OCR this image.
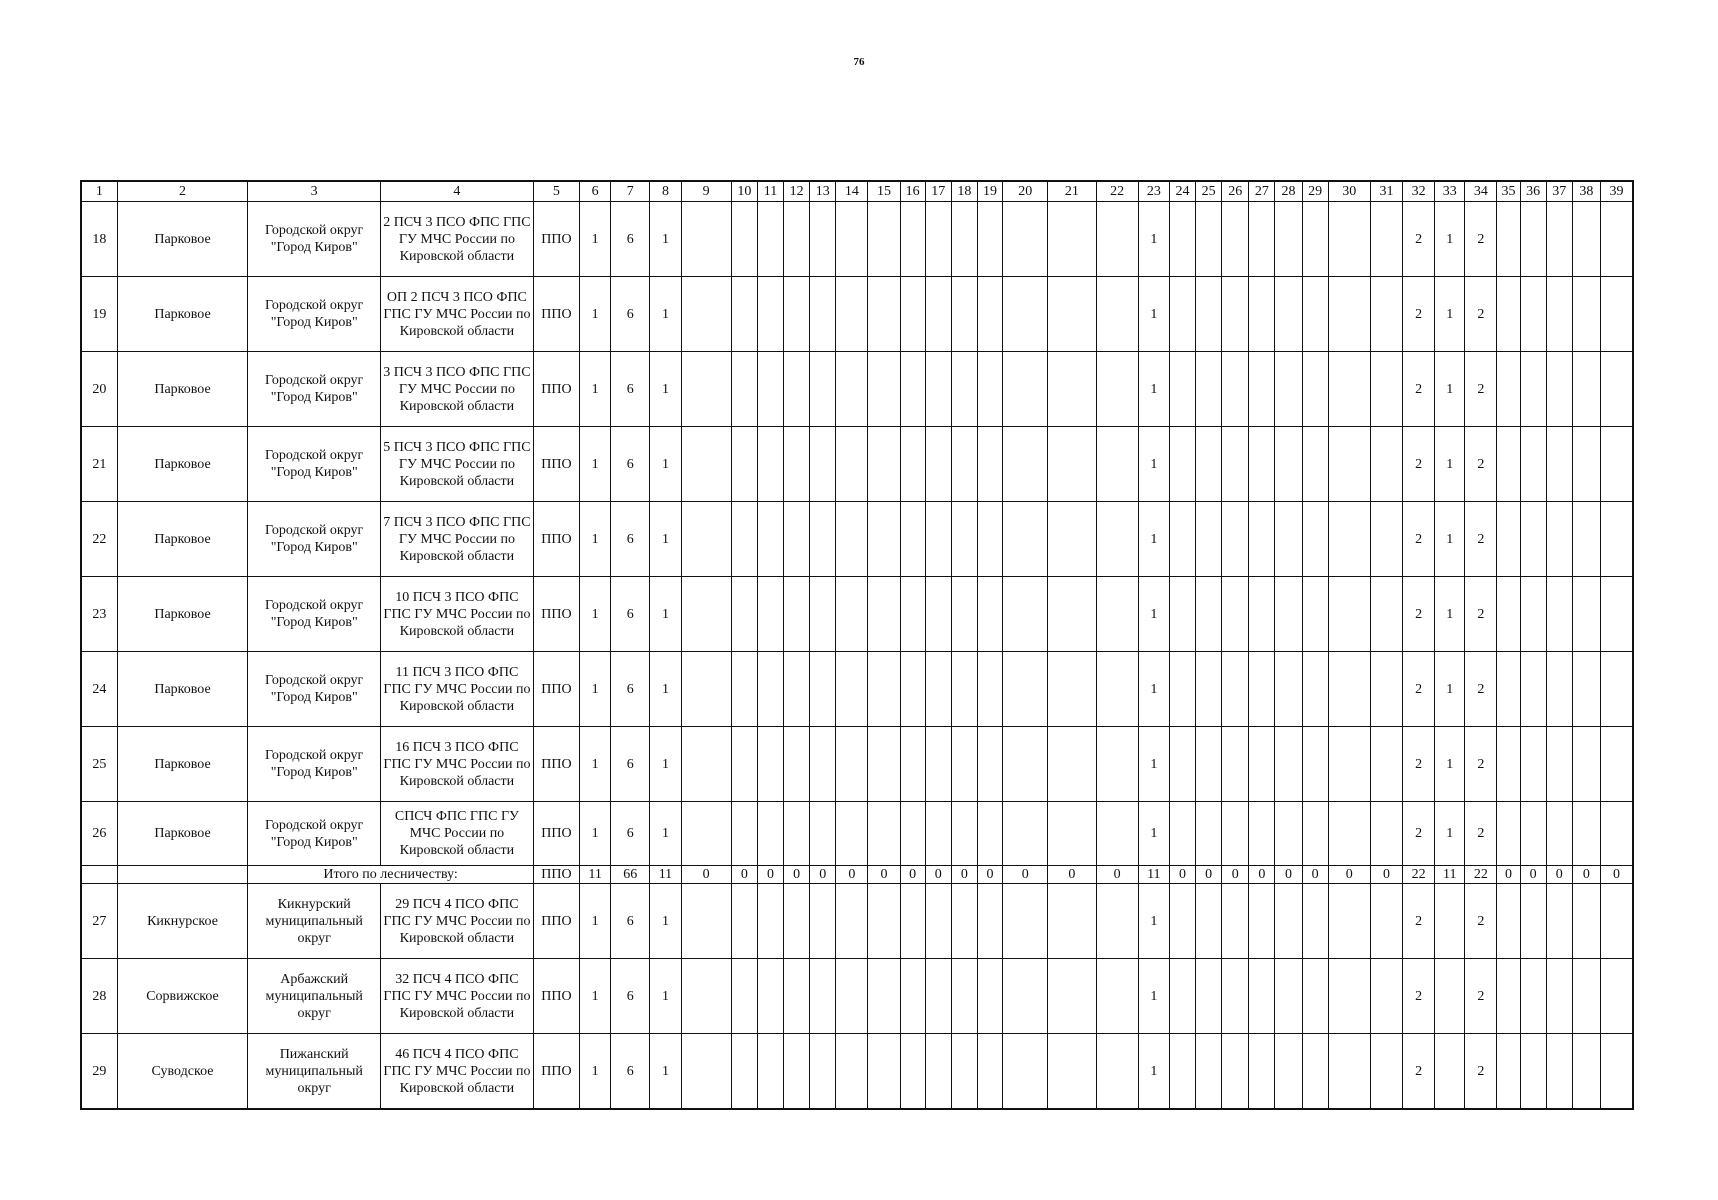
76
1	2	3	4	5	6	7	8	9	10	11	12	13	14	15	16	17	18	19	20	21	22	23	24	25	26	27	28	29	30	31	32	33	34	35	36	37	38	39
18	Парковое	Городской округ "Город Киров"	2 ПСЧ 3 ПСО ФПС ГПС ГУ МЧС России по Кировской области	ППО	1	6	1															1									2	1	2					
19	Парковое	Городской округ "Город Киров"	ОП 2 ПСЧ 3 ПСО ФПС ГПС ГУ МЧС России по Кировской области	ППО	1	6	1															1									2	1	2					
20	Парковое	Городской округ "Город Киров"	3 ПСЧ 3 ПСО ФПС ГПС ГУ МЧС России по Кировской области	ППО	1	6	1															1									2	1	2					
21	Парковое	Городской округ "Город Киров"	5 ПСЧ 3 ПСО ФПС ГПС ГУ МЧС России по Кировской области	ППО	1	6	1															1									2	1	2					
22	Парковое	Городской округ "Город Киров"	7 ПСЧ 3 ПСО ФПС ГПС ГУ МЧС России по Кировской области	ППО	1	6	1															1									2	1	2					
23	Парковое	Городской округ "Город Киров"	10 ПСЧ 3 ПСО ФПС ГПС ГУ МЧС России по Кировской области	ППО	1	6	1															1									2	1	2					
24	Парковое	Городской округ "Город Киров"	11 ПСЧ 3 ПСО ФПС ГПС ГУ МЧС России по Кировской области	ППО	1	6	1															1									2	1	2					
25	Парковое	Городской округ "Город Киров"	16 ПСЧ 3 ПСО ФПС ГПС ГУ МЧС России по Кировской области	ППО	1	6	1															1									2	1	2					
26	Парковое	Городской округ "Город Киров"	СПСЧ ФПС ГПС ГУ МЧС России по Кировской области	ППО	1	6	1															1									2	1	2					
		Итого по лесничеству:		ППО	11	66	11	0	0	0	0	0	0	0	0	0	0	0	0	0	0	11	0	0	0	0	0	0	0	0	22	11	22	0	0	0	0	0
27	Кикнурское	Кикнурский муниципальный округ	29 ПСЧ 4 ПСО ФПС ГПС ГУ МЧС России по Кировской области	ППО	1	6	1															1									2		2					
28	Сорвижское	Арбажский муниципальный округ	32 ПСЧ 4 ПСО ФПС ГПС ГУ МЧС России по Кировской области	ППО	1	6	1															1									2		2					
29	Суводское	Пижанский муниципальный округ	46 ПСЧ 4 ПСО ФПС ГПС ГУ МЧС России по Кировской области	ППО	1	6	1															1									2		2					
